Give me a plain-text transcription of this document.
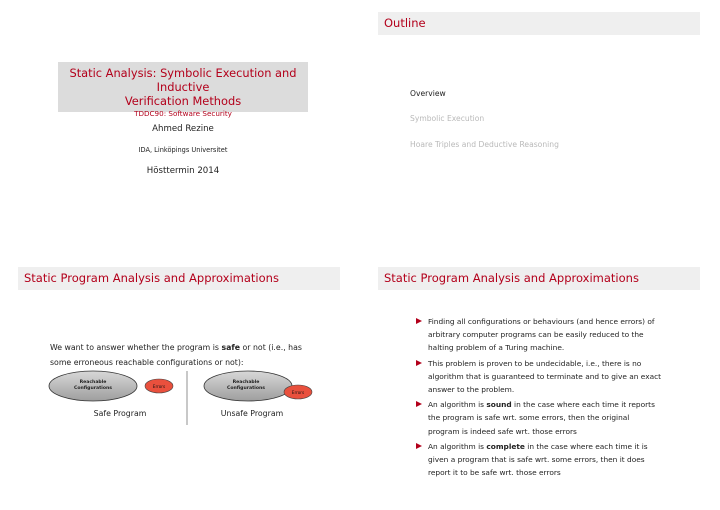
Static Analysis: Symbolic Execution and Inductive
Verification Methods
TDDC90: Software Security
Ahmed Rezine
IDA, Linköpings Universitet
Hösttermin 2014
Outline
Overview
Symbolic Execution
Hoare Triples and Deductive Reasoning
Static Program Analysis and Approximations
We want to answer whether the program is safe or not (i.e., has
some erroneous reachable configurations or not):
Reachable
Configurations	Errors
Safe Program
Reachable
Configurations
Errors
Unsafe Program
Static Program Analysis and Approximations
Finding all configurations or behaviours (and hence errors) of
arbitrary computer programs can be easily reduced to the
halting problem of a Turing machine.
This problem is proven to be undecidable, i.e., there is no
algorithm that is guaranteed to terminate and to give an exact
answer to the problem.
An algorithm is sound in the case where each time it reports
the program is safe wrt. some errors, then the original
program is indeed safe wrt. those errors
An algorithm is complete in the case where each time it is
given a program that is safe wrt. some errors, then it does
report it to be safe wrt. those errors
